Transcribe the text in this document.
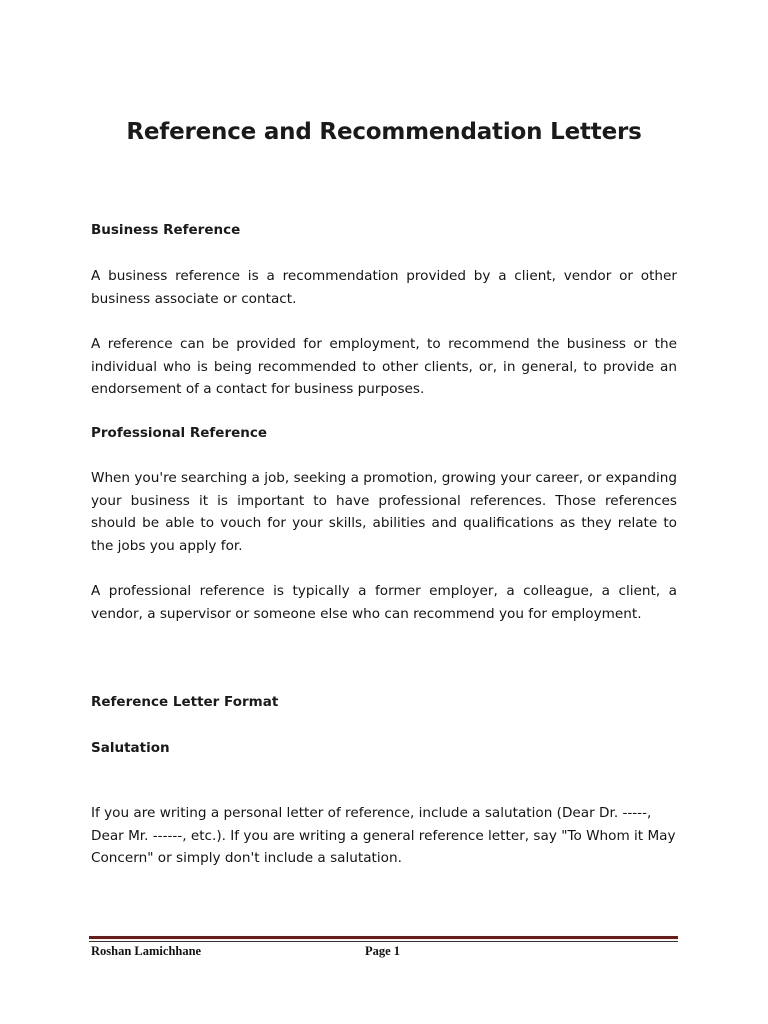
Reference and Recommendation Letters

Business Reference

A business reference is a recommendation provided by a client, vendor or other business associate or contact.

A reference can be provided for employment, to recommend the business or the individual who is being recommended to other clients, or, in general, to provide an endorsement of a contact for business purposes.

Professional Reference

When you're searching a job, seeking a promotion, growing your career, or expanding your business it is important to have professional references. Those references should be able to vouch for your skills, abilities and qualifications as they relate to the jobs you apply for.

A professional reference is typically a former employer, a colleague, a client, a vendor, a supervisor or someone else who can recommend you for employment.

Reference Letter Format

Salutation

If you are writing a personal letter of reference, include a salutation (Dear Dr. -----, Dear Mr. ------, etc.). If you are writing a general reference letter, say "To Whom it May Concern" or simply don't include a salutation.

Roshan Lamichhane	Page 1
